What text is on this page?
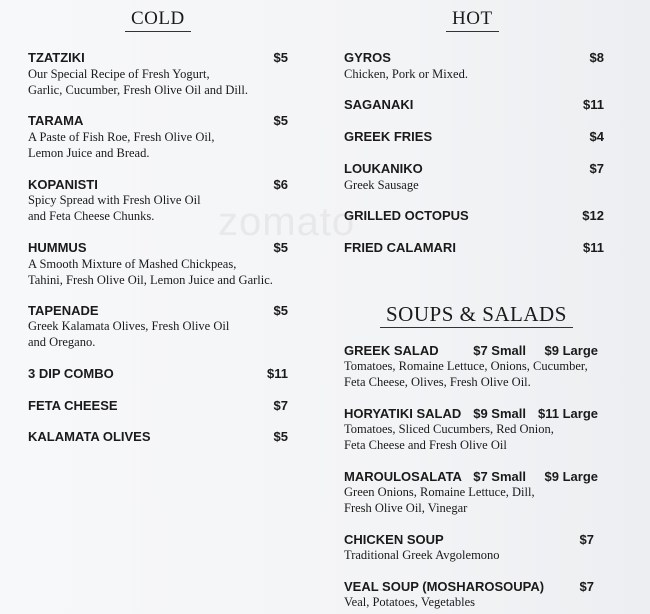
zomato
COLD
TZATZIKI	$5
Our Special Recipe of Fresh Yogurt,
Garlic, Cucumber, Fresh Olive Oil and Dill.
TARAMA	$5
A Paste of Fish Roe, Fresh Olive Oil,
Lemon Juice and Bread.
KOPANISTI	$6
Spicy Spread with Fresh Olive Oil
and Feta Cheese Chunks.
HUMMUS	$5
A Smooth Mixture of Mashed Chickpeas,
Tahini, Fresh Olive Oil, Lemon Juice and Garlic.
TAPENADE	$5
Greek Kalamata Olives, Fresh Olive Oil
and Oregano.
3 DIP COMBO	$11
FETA CHEESE	$7
KALAMATA OLIVES	$5
HOT
GYROS	$8
Chicken, Pork or Mixed.
SAGANAKI	$11
GREEK FRIES	$4
LOUKANIKO	$7
Greek Sausage
GRILLED OCTOPUS	$12
FRIED CALAMARI	$11
SOUPS & SALADS
GREEK SALAD	$7 Small	$9 Large
Tomatoes, Romaine Lettuce, Onions, Cucumber,
Feta Cheese, Olives, Fresh Olive Oil.
HORYATIKI SALAD $9 Small $11 Large
Tomatoes, Sliced Cucumbers, Red Onion,
Feta Cheese and Fresh Olive Oil
MAROULOSALATA $7 Small	$9 Large
Green Onions, Romaine Lettuce, Dill,
Fresh Olive Oil, Vinegar
CHICKEN SOUP	$7
Traditional Greek Avgolemono
VEAL SOUP (MOSHAROSOUPA)	$7
Veal, Potatoes, Vegetables
